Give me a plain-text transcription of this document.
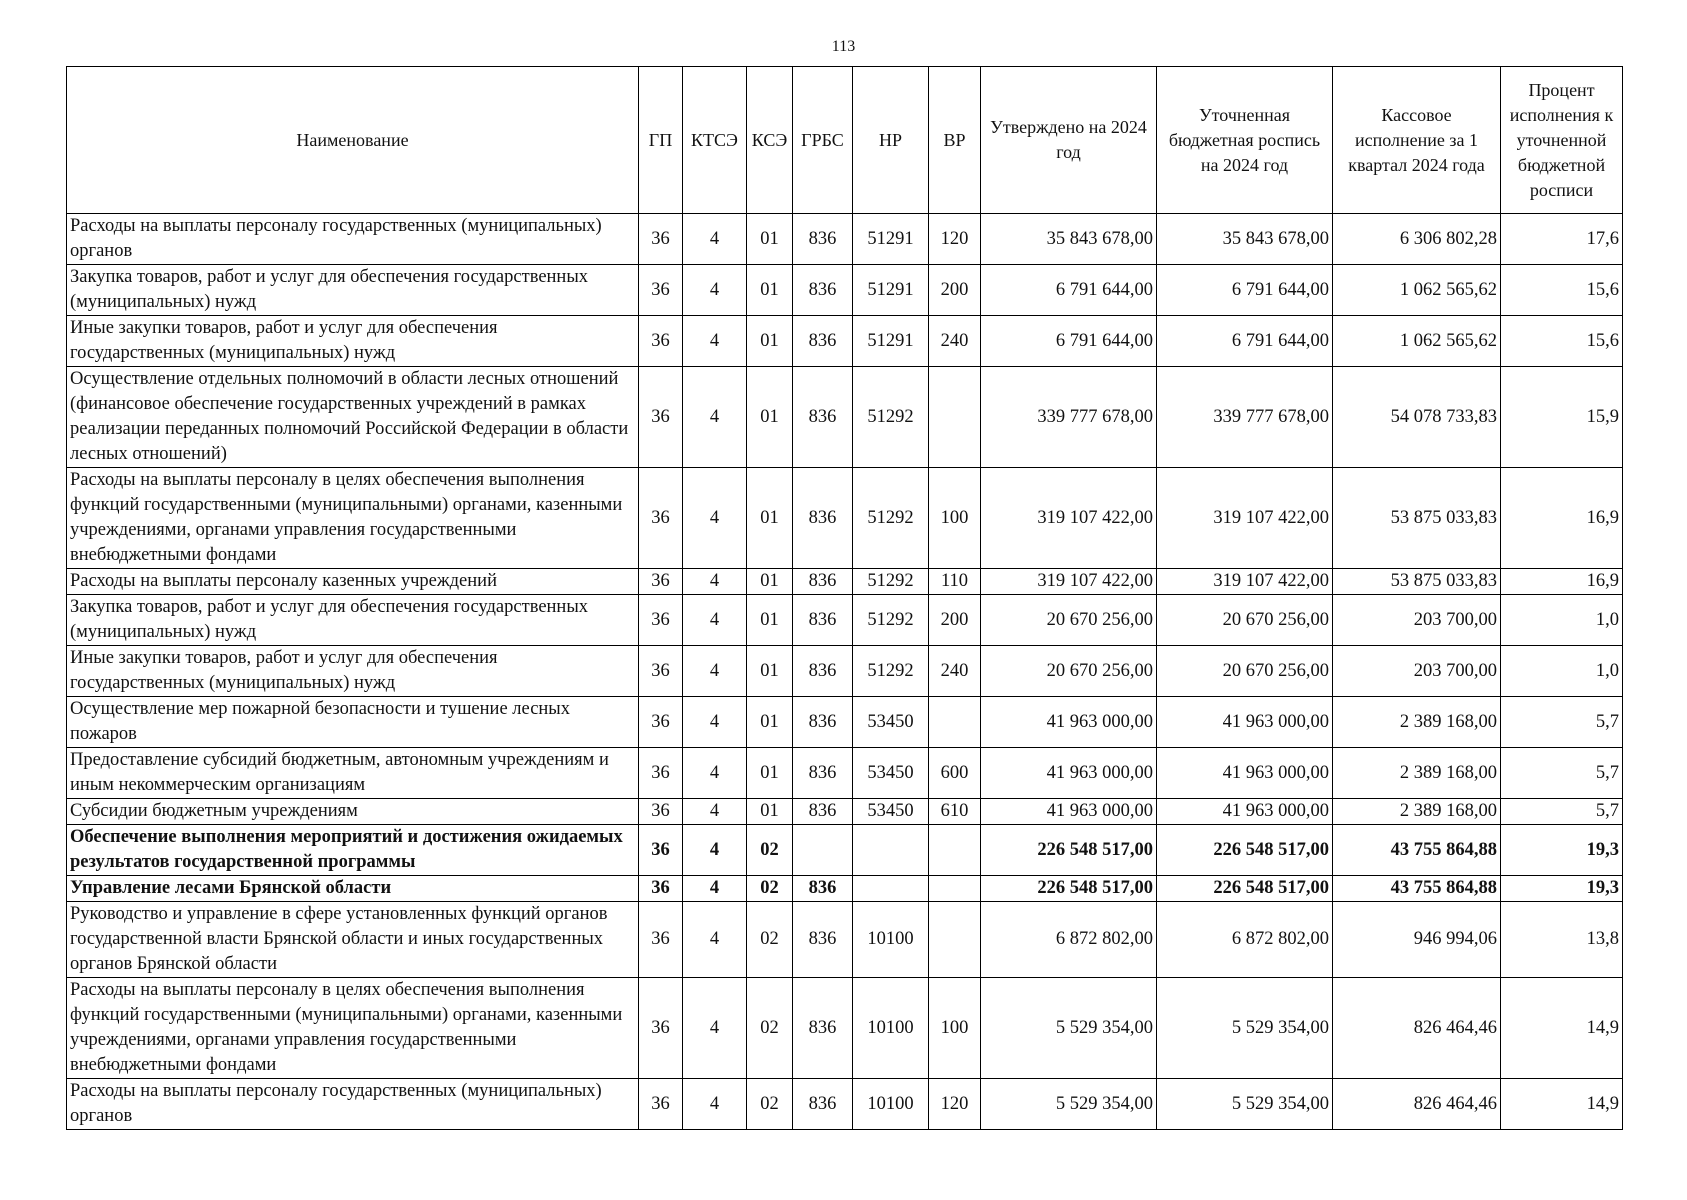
113
Наименование	ГП	КТСЭ	КСЭ	ГРБС	НР	ВР	Утверждено на 2024 год	Уточненная бюджетная роспись на 2024 год	Кассовое исполнение за 1 квартал 2024 года	Процент исполнения к уточненной бюджетной росписи
Расходы на выплаты персоналу государственных (муниципальных) органов	36	4	01	836	51291	120	35 843 678,00	35 843 678,00	6 306 802,28	17,6
Закупка товаров, работ и услуг для обеспечения государственных (муниципальных) нужд	36	4	01	836	51291	200	6 791 644,00	6 791 644,00	1 062 565,62	15,6
Иные закупки товаров, работ и услуг для обеспечения государственных (муниципальных) нужд	36	4	01	836	51291	240	6 791 644,00	6 791 644,00	1 062 565,62	15,6
Осуществление отдельных полномочий в области лесных отношений (финансовое обеспечение государственных учреждений в рамках реализации переданных полномочий Российской Федерации в области лесных отношений)	36	4	01	836	51292		339 777 678,00	339 777 678,00	54 078 733,83	15,9
Расходы на выплаты персоналу в целях обеспечения выполнения функций государственными (муниципальными) органами, казенными учреждениями, органами управления государственными внебюджетными фондами	36	4	01	836	51292	100	319 107 422,00	319 107 422,00	53 875 033,83	16,9
Расходы на выплаты персоналу казенных учреждений	36	4	01	836	51292	110	319 107 422,00	319 107 422,00	53 875 033,83	16,9
Закупка товаров, работ и услуг для обеспечения государственных (муниципальных) нужд	36	4	01	836	51292	200	20 670 256,00	20 670 256,00	203 700,00	1,0
Иные закупки товаров, работ и услуг для обеспечения государственных (муниципальных) нужд	36	4	01	836	51292	240	20 670 256,00	20 670 256,00	203 700,00	1,0
Осуществление мер пожарной безопасности и тушение лесных пожаров	36	4	01	836	53450		41 963 000,00	41 963 000,00	2 389 168,00	5,7
Предоставление субсидий бюджетным, автономным учреждениям и иным некоммерческим организациям	36	4	01	836	53450	600	41 963 000,00	41 963 000,00	2 389 168,00	5,7
Субсидии бюджетным учреждениям	36	4	01	836	53450	610	41 963 000,00	41 963 000,00	2 389 168,00	5,7
Обеспечение выполнения мероприятий и достижения ожидаемых результатов государственной программы	36	4	02				226 548 517,00	226 548 517,00	43 755 864,88	19,3
Управление лесами Брянской области	36	4	02	836			226 548 517,00	226 548 517,00	43 755 864,88	19,3
Руководство и управление в сфере установленных функций органов государственной власти Брянской области и иных государственных органов Брянской области	36	4	02	836	10100		6 872 802,00	6 872 802,00	946 994,06	13,8
Расходы на выплаты персоналу в целях обеспечения выполнения функций государственными (муниципальными) органами, казенными учреждениями, органами управления государственными внебюджетными фондами	36	4	02	836	10100	100	5 529 354,00	5 529 354,00	826 464,46	14,9
Расходы на выплаты персоналу государственных (муниципальных) органов	36	4	02	836	10100	120	5 529 354,00	5 529 354,00	826 464,46	14,9
